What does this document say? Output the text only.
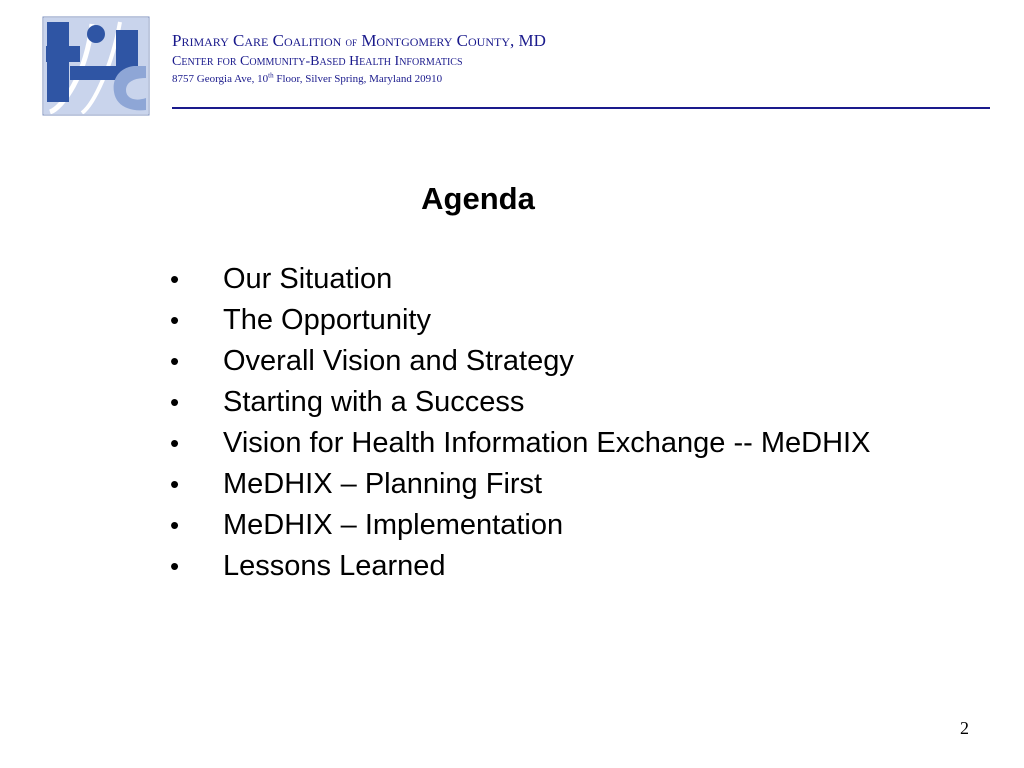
Primary Care Coalition of Montgomery County, MD
Center for Community-Based Health Informatics
8757 Georgia Ave, 10th Floor, Silver Spring, Maryland 20910
Agenda
•	Our Situation
•	The Opportunity
•	Overall Vision and Strategy
•	Starting with a Success
•	Vision for Health Information Exchange -- MeDHIX
•	MeDHIX – Planning First
•	MeDHIX – Implementation
•	Lessons Learned
2
